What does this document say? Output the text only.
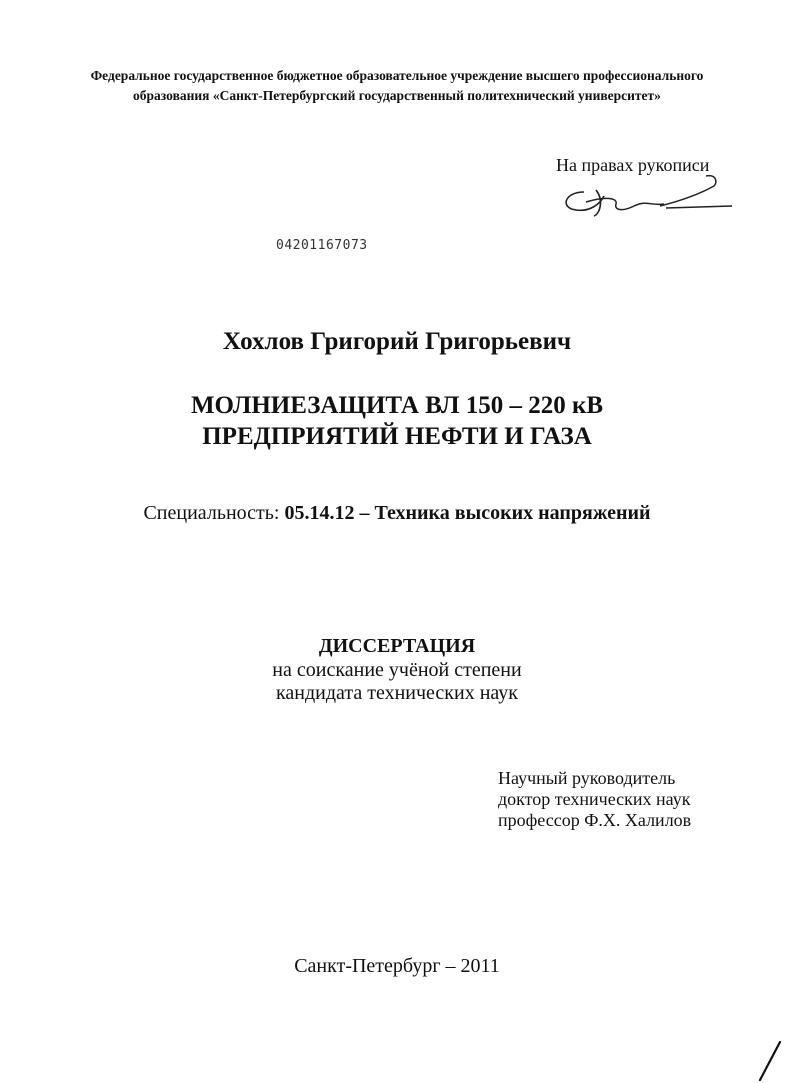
Федеральное государственное бюджетное образовательное учреждение высшего профессионального
образования «Санкт-Петербургский государственный политехнический университет»
На правах рукописи
04201167073
Хохлов Григорий Григорьевич
МОЛНИЕЗАЩИТА ВЛ 150 – 220 кВ
ПРЕДПРИЯТИЙ НЕФТИ И ГАЗА
Специальность: 05.14.12 – Техника высоких напряжений
ДИССЕРТАЦИЯ
на соискание учёной степени
кандидата технических наук
Научный руководитель
доктор технических наук
профессор Ф.Х. Халилов
Санкт-Петербург – 2011
